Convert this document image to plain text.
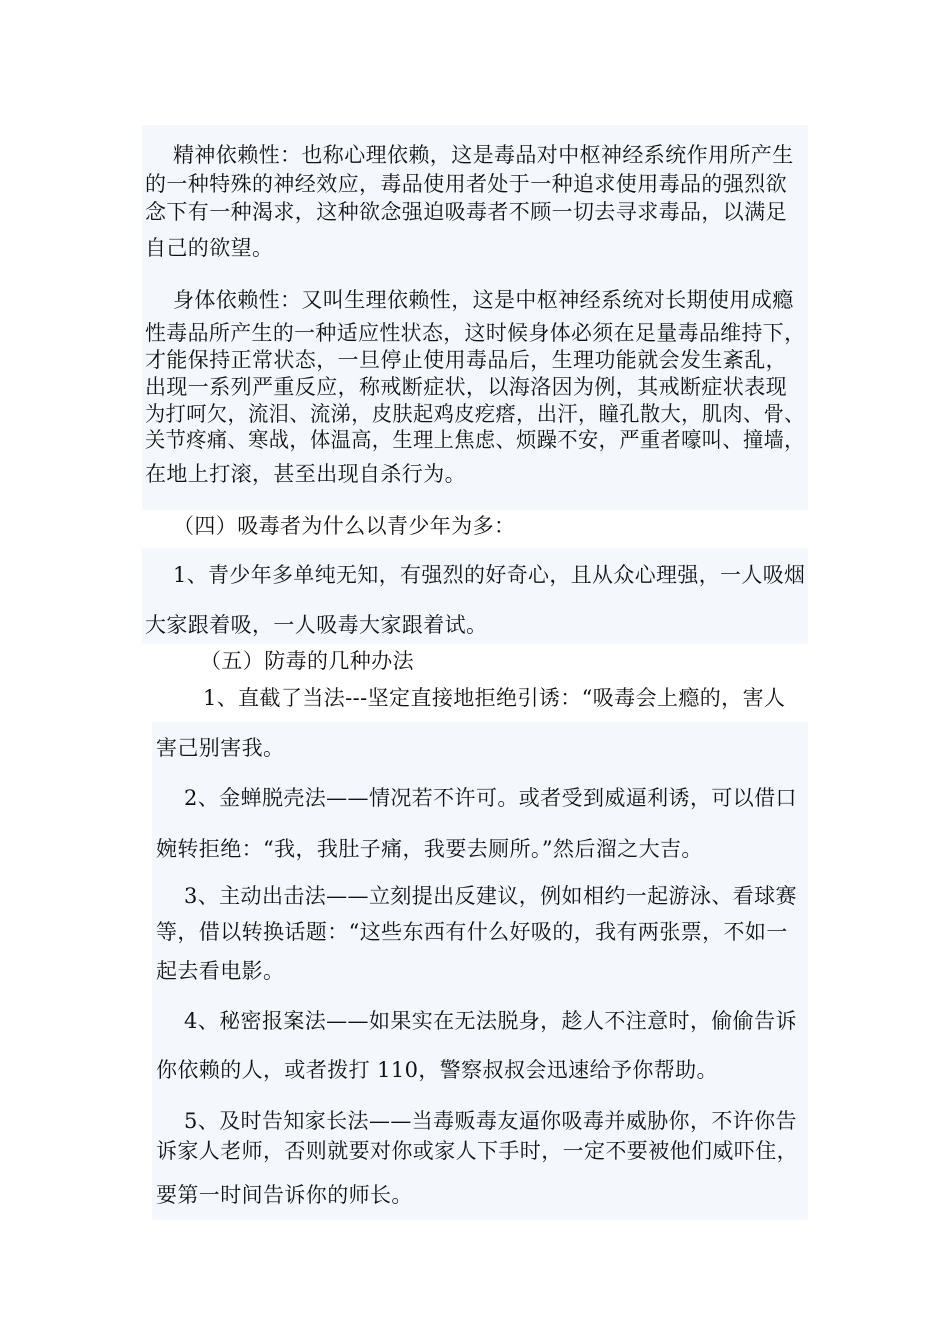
精神依赖性：也称心理依赖，这是毒品对中枢神经系统作用所产生
的一种特殊的神经效应，毒品使用者处于一种追求使用毒品的强烈欲
念下有一种渴求，这种欲念强迫吸毒者不顾一切去寻求毒品，以满足
自己的欲望。
身体依赖性：又叫生理依赖性，这是中枢神经系统对长期使用成瘾
性毒品所产生的一种适应性状态，这时候身体必须在足量毒品维持下，
才能保持正常状态，一旦停止使用毒品后，生理功能就会发生紊乱，
出现一系列严重反应，称戒断症状，以海洛因为例，其戒断症状表现
为打呵欠，流泪、流涕，皮肤起鸡皮疙瘩，出汗，瞳孔散大，肌肉、骨、
关节疼痛、寒战，体温高，生理上焦虑、烦躁不安，严重者嚎叫、撞墙，
在地上打滚，甚至出现自杀行为。
（四）吸毒者为什么以青少年为多：
1、青少年多单纯无知，有强烈的好奇心，且从众心理强，一人吸烟
大家跟着吸，一人吸毒大家跟着试。
（五）防毒的几种办法
1、直截了当法---坚定直接地拒绝引诱：“吸毒会上瘾的，害人
害己别害我。
2、金蝉脱壳法——情况若不许可。或者受到威逼利诱，可以借口
婉转拒绝：“我，我肚子痛，我要去厕所。”然后溜之大吉。
3、主动出击法——立刻提出反建议，例如相约一起游泳、看球赛
等，借以转换话题：“这些东西有什么好吸的，我有两张票，不如一
起去看电影。
4、秘密报案法——如果实在无法脱身，趁人不注意时，偷偷告诉
你依赖的人，或者拨打 110，警察叔叔会迅速给予你帮助。
5、及时告知家长法——当毒贩毒友逼你吸毒并威胁你，不许你告
诉家人老师，否则就要对你或家人下手时，一定不要被他们威吓住，
要第一时间告诉你的师长。
